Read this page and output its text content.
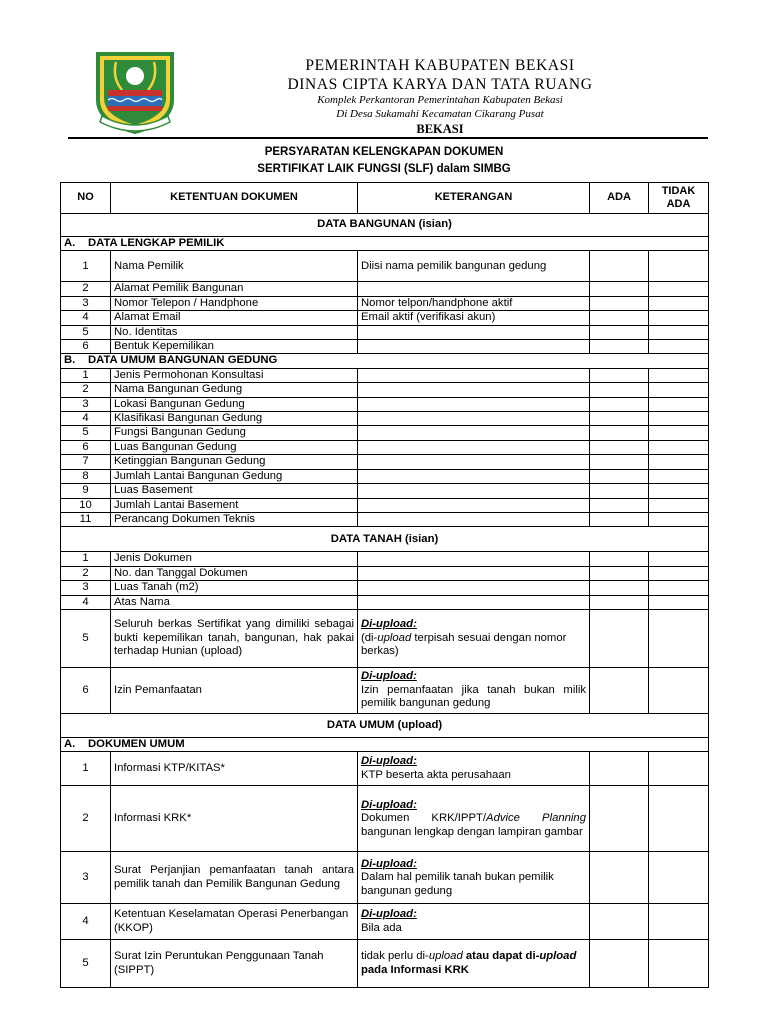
PEMERINTAH KABUPATEN BEKASI
DINAS CIPTA KARYA DAN TATA RUANG
Komplek Perkantoran Pemerintahan Kabupaten Bekasi
Di Desa Sukamahi Kecamatan Cikarang Pusat
BEKASI
PERSYARATAN KELENGKAPAN DOKUMEN
SERTIFIKAT LAIK FUNGSI (SLF) dalam SIMBG
NO	KETENTUAN DOKUMEN	KETERANGAN	ADA	TIDAK ADA
DATA BANGUNAN (isian)				
A. DATA LENGKAP PEMILIK				
1	Nama Pemilik	Diisi nama pemilik bangunan gedung		
2	Alamat Pemilik Bangunan			
3	Nomor Telepon / Handphone	Nomor telpon/handphone aktif		
4	Alamat Email	Email aktif (verifikasi akun)		
5	No. Identitas			
6	Bentuk Kepemilikan			
B. DATA UMUM BANGUNAN GEDUNG				
1	Jenis Permohonan Konsultasi			
2	Nama Bangunan Gedung			
3	Lokasi Bangunan Gedung			
4	Klasifikasi Bangunan Gedung			
5	Fungsi Bangunan Gedung			
6	Luas Bangunan Gedung			
7	Ketinggian Bangunan Gedung			
8	Jumlah Lantai Bangunan Gedung			
9	Luas Basement			
10	Jumlah Lantai Basement			
11	Perancang Dokumen Teknis			
DATA TANAH (isian)				
1	Jenis Dokumen			
2	No. dan Tanggal Dokumen			
3	Luas Tanah (m2)			
4	Atas Nama			
5	Seluruh berkas Sertifikat yang dimiliki sebagai bukti kepemilikan tanah, bangunan, hak pakai terhadap Hunian (upload)	Di-upload:
(di-upload terpisah sesuai dengan nomor berkas)		
6	Izin Pemanfaatan	Di-upload:
Izin pemanfaatan jika tanah bukan milik pemilik bangunan gedung		
DATA UMUM (upload)				
A. DOKUMEN UMUM				
1	Informasi KTP/KITAS*	Di-upload:
KTP beserta akta perusahaan		
2	Informasi KRK*	Di-upload:
Dokumen KRK/IPPT/Advice Planning bangunan lengkap dengan lampiran gambar		
3	Surat Perjanjian pemanfaatan tanah antara pemilik tanah dan Pemilik Bangunan Gedung	Di-upload:
Dalam hal pemilik tanah bukan pemilik bangunan gedung		
4	Ketentuan Keselamatan Operasi Penerbangan (KKOP)	Di-upload:
Bila ada		
5	Surat Izin Peruntukan Penggunaan Tanah (SIPPT)	tidak perlu di-upload atau dapat di-upload pada Informasi KRK		
